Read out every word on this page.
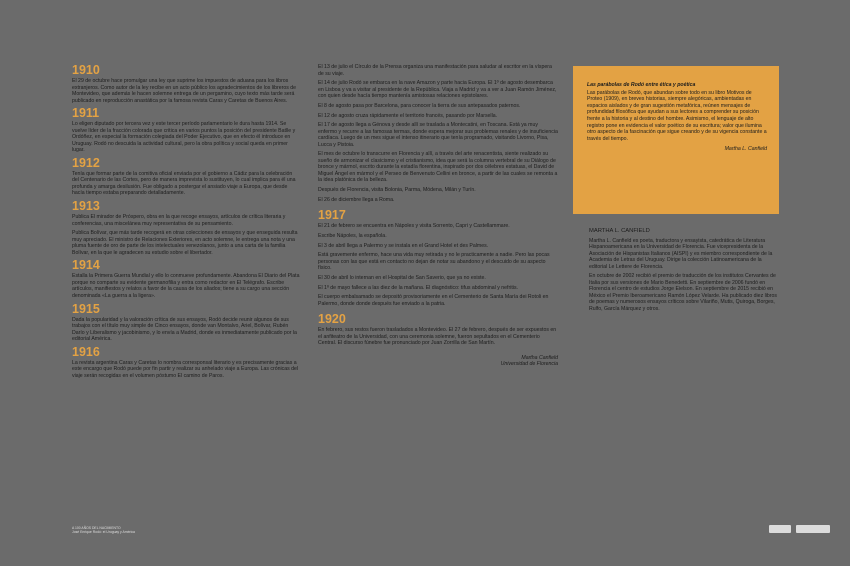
1910

El 29 de octubre hace promulgar una ley que suprime los impuestos de aduana para los libros extranjeros. Como autor de la ley recibe en un acto público los agradecimientos de los libreros de Montevideo, que además le hacen solemne entrega de un pergamino, cuyo texto más tarde será publicado en reproducción anastática por la famosa revista Caras y Caretas de Buenos Aires.

1911

Lo eligen diputado por tercera vez y este tercer período parlamentario le dura hasta 1914. Se vuelve líder de la fracción colorada que critica en varios puntos la posición del presidente Batlle y Ordóñez, en especial la formación colegiada del Poder Ejecutivo, que en efecto él introduce en Uruguay. Rodó no descuida la actividad cultural, pero la obra política y social queda en primer lugar.

1912

Tenía que formar parte de la comitiva oficial enviada por el gobierno a Cádiz para la celebración del Centenario de las Cortes, pero de manera imprevista lo sustituyen, lo cual implica para él una profunda y amarga desilusión. Fue obligado a postergar el ansiado viaje a Europa, que desde hacía tiempo estaba preparando detalladamente.

1913

Publica El mirador de Próspero, obra en la que recoge ensayos, artículos de crítica literaria y conferencias, una miscelánea muy representativa de su pensamiento.

Publica Bolívar, que más tarde recogerá en otras colecciones de ensayos y que enseguida resulta muy apreciado. El ministro de Relaciones Exteriores, en acto solemne, le entrega una nota y una pluma fuente de oro de parte de los intelectuales venezolanos, junto a una carta de la familia Bolívar, en la que le agradecen su estudio sobre el libertador.

1914

Estalla la Primera Guerra Mundial y ello lo conmueve profundamente. Abandona El Diario del Plata porque no comparte su evidente germanofilia y entra como redactor en El Telégrafo. Escribe artículos, manifiestos y relatos a favor de la causa de los aliados; tiene a su cargo una sección denominada «La guerra a la ligera».

1915

Dada la popularidad y la valoración crítica de sus ensayos, Rodó decide reunir algunos de sus trabajos con el título muy simple de Cinco ensayos, donde van Montalvo, Ariel, Bolívar, Rubén Darío y Liberalismo y jacobinismo, y lo envía a Madrid, donde es inmediatamente publicado por la editorial América.

1916

La revista argentina Caras y Caretas lo nombra corresponsal literario y es precisamente gracias a este encargo que Rodó puede por fin partir y realizar su anhelado viaje a Europa. Las crónicas del viaje serán recogidas en el volumen póstumo El camino de Paros.

El 13 de julio el Círculo de la Prensa organiza una manifestación para saludar al escritor en la víspera de su viaje.

El 14 de julio Rodó se embarca en la nave Amazon y parte hacia Europa. El 1º de agosto desembarca en Lisboa y va a visitar al presidente de la República. Viaja a Madrid y va a ver a Juan Ramón Jiménez, con quien desde hacía tiempo mantenía amistosas relaciones epistolares.

El 8 de agosto pasa por Barcelona, para conocer la tierra de sus antepasados paternos.

El 12 de agosto cruza rápidamente el territorio francés, pasando por Marsella.

El 17 de agosto llega a Génova y desde allí se traslada a Montecatini, en Toscana. Está ya muy enfermo y recurre a las famosas termas, donde espera mejorar sus problemas renales y de insuficiencia cardíaca. Luego de un mes sigue el intenso itinerario que tenía programado, visitando Livorno, Pisa, Lucca y Pistoia.

El mes de octubre lo transcurre en Florencia y allí, a través del arte renacentista, siente realizado su sueño de armonizar el clasicismo y el cristianismo, idea que será la columna vertebral de su Diálogo de bronce y mármol, escrito durante la estadía florentina, inspirado por dos célebres estatuas, el David de Miguel Ángel en mármol y el Perseo de Benvenuto Cellini en bronce, a partir de las cuales se remonta a la idea platónica de la belleza.

Después de Florencia, visita Bolonia, Parma, Módena, Milán y Turín.

El 26 de diciembre llega a Roma.

1917

El 21 de febrero se encuentra en Nápoles y visita Sorrento, Capri y Castellammare.

Escribe Nápoles, la española.

El 3 de abril llega a Palermo y se instala en el Grand Hotel et des Palmes.

Está gravemente enfermo, hace una vida muy retirada y no le practicamente a nadie. Pero las pocas personas con las que está en contacto no dejan de notar su abandono y el descuido de su aspecto físico.

El 30 de abril lo internan en el Hospital de San Saverio, que ya no existe.

El 1º de mayo fallece a las diez de la mañana. El diagnóstico: tifus abdominal y nefritis.

El cuerpo embalsamado se depositó provisoriamente en el Cementerio de Santa María dei Rotoli en Palermo, donde donde después fue enviado a la patria.

1920

En febrero, sus restos fueron trasladados a Montevideo. El 27 de febrero, después de ser expuestos en el anfiteatro de la Universidad, con una ceremonia solemne, fueron sepultados en el Cementerio Central. El discurso fúnebre fue pronunciado por Juan Zorrilla de San Martín.

Martha Canfield
Universidad de Florencia
Las parábolas de Rodó entre ética y poética
Las parábolas de Rodó, que abundan sobre todo en su libro Motivos de Proteo (1909), en breves historias, siempre alegóricas, ambientadas en espacios aislados y de gran sugestión metafórica, reúnen mensajes de profundidad filosófica que ayudan a sus lectores a comprender su posición frente a la historia y al destino del hombre. Asimismo, el lenguaje de alto registro pone en evidencia el valor poético de su escritura; valor que ilumina otro aspecto de la fascinación que sigue creando y de su vigencia constante a través del tiempo.
Martha L. Canfield
MARTHA L. CANFIELD

Martha L. Canfield es poeta, traductora y ensayista, catedrática de Literatura Hispanoamericana en la Universidad de Florencia. Fue vicepresidenta de la Asociación de Hispanistas Italianos (AISPI) y es miembro correspondiente de la Academia de Letras del Uruguay. Dirige la colección Latinoamericana de la editorial Le Lettere de Florencia.

En octubre de 2002 recibió el premio de traducción de los institutos Cervantes de Italia por sus versiones de Mario Benedetti. En septiembre de 2006 fundó en Florencia el centro de estudios Jorge Eielson. En septiembre de 2015 recibió en México el Premio Iberoamericano Ramón López Velarde. Ha publicado diez libros de poemas y numerosos ensayos críticos sobre Vilariño, Mutis, Quiroga, Borges, Rulfo, García Márquez y otros.

A 100 AÑOS DEL NACIMIENTO
José Enrique Rodó: el Uruguay y América
